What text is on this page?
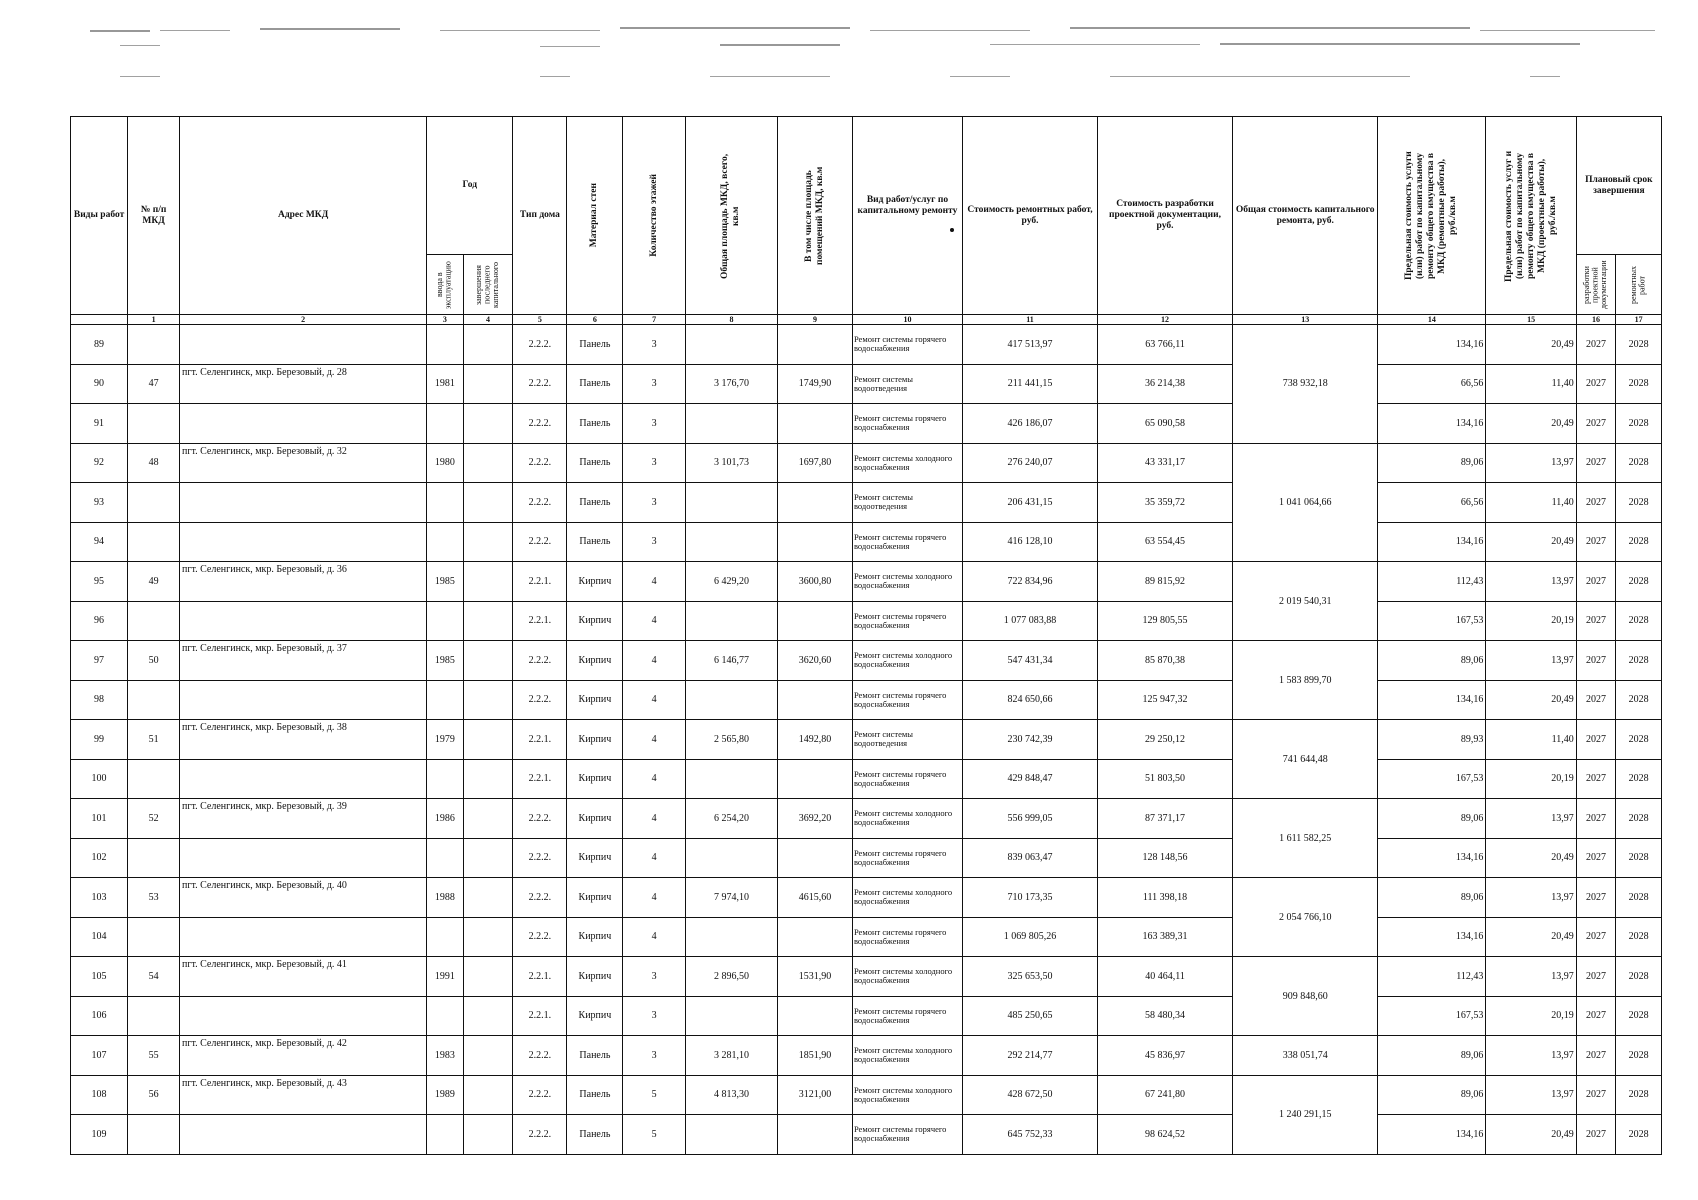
Виды работ	№ п/п МКД	Адрес МКД	Год		Тип дома	Материал стен	Количество этажей	Общая площадь МКД, всего, кв.м	В том числе площадь помещений МКД, кв.м	Вид работ/услуг по капитальному ремонту	Стоимость ремонтных работ, руб.	Стоимость разработки проектной документации, руб.	Общая стоимость капитального ремонта, руб.	Предельная стоимость услуги (или) работ по капитальному ремонту общего имущества в МКД (ремонтные работы), руб./кв.м	Предельная стоимость услуг и (или) работ по капитальному ремонту общего имущества в МКД (проектные работы), руб./кв.м	Плановый срок завершения	

			ввода в эксплуатацию	завершения последнего капитального												разработки проектной документации	ремонтных работ

	1	2	3	4	5	6	7	8	9	10	11	12	13	14	15	16	17
89					2.2.2.	Панель	3			Ремонт системы горячего водоснабжения	417 513,97	63 766,11	738 932,18	134,16	20,49	2027	2028
90	47	пгт. Селенгинск, мкр. Березовый, д. 28	1981		2.2.2.	Панель	3	3 176,70	1749,90	Ремонт системы водоотведения	211 441,15	36 214,38		66,56	11,40	2027	2028
91					2.2.2.	Панель	3			Ремонт системы горячего водоснабжения	426 186,07	65 090,58		134,16	20,49	2027	2028
92	48	пгт. Селенгинск, мкр. Березовый, д. 32	1980		2.2.2.	Панель	3	3 101,73	1697,80	Ремонт системы холодного водоснабжения	276 240,07	43 331,17	1 041 064,66	89,06	13,97	2027	2028
93					2.2.2.	Панель	3			Ремонт системы водоотведения	206 431,15	35 359,72		66,56	11,40	2027	2028
94					2.2.2.	Панель	3			Ремонт системы горячего водоснабжения	416 128,10	63 554,45		134,16	20,49	2027	2028
95	49	пгт. Селенгинск, мкр. Березовый, д. 36	1985		2.2.1.	Кирпич	4	6 429,20	3600,80	Ремонт системы холодного водоснабжения	722 834,96	89 815,92	2 019 540,31	112,43	13,97	2027	2028
96					2.2.1.	Кирпич	4			Ремонт системы горячего водоснабжения	1 077 083,88	129 805,55		167,53	20,19	2027	2028
97	50	пгт. Селенгинск, мкр. Березовый, д. 37	1985		2.2.2.	Кирпич	4	6 146,77	3620,60	Ремонт системы холодного водоснабжения	547 431,34	85 870,38	1 583 899,70	89,06	13,97	2027	2028
98					2.2.2.	Кирпич	4			Ремонт системы горячего водоснабжения	824 650,66	125 947,32		134,16	20,49	2027	2028
99	51	пгт. Селенгинск, мкр. Березовый, д. 38	1979		2.2.1.	Кирпич	4	2 565,80	1492,80	Ремонт системы водоотведения	230 742,39	29 250,12	741 644,48	89,93	11,40	2027	2028
100					2.2.1.	Кирпич	4			Ремонт системы горячего водоснабжения	429 848,47	51 803,50		167,53	20,19	2027	2028
101	52	пгт. Селенгинск, мкр. Березовый, д. 39	1986		2.2.2.	Кирпич	4	6 254,20	3692,20	Ремонт системы холодного водоснабжения	556 999,05	87 371,17	1 611 582,25	89,06	13,97	2027	2028
102					2.2.2.	Кирпич	4			Ремонт системы горячего водоснабжения	839 063,47	128 148,56		134,16	20,49	2027	2028
103	53	пгт. Селенгинск, мкр. Березовый, д. 40	1988		2.2.2.	Кирпич	4	7 974,10	4615,60	Ремонт системы холодного водоснабжения	710 173,35	111 398,18	2 054 766,10	89,06	13,97	2027	2028
104					2.2.2.	Кирпич	4			Ремонт системы горячего водоснабжения	1 069 805,26	163 389,31		134,16	20,49	2027	2028
105	54	пгт. Селенгинск, мкр. Березовый, д. 41	1991		2.2.1.	Кирпич	3	2 896,50	1531,90	Ремонт системы холодного водоснабжения	325 653,50	40 464,11	909 848,60	112,43	13,97	2027	2028
106					2.2.1.	Кирпич	3			Ремонт системы горячего водоснабжения	485 250,65	58 480,34		167,53	20,19	2027	2028
107	55	пгт. Селенгинск, мкр. Березовый, д. 42	1983		2.2.2.	Панель	3	3 281,10	1851,90	Ремонт системы холодного водоснабжения	292 214,77	45 836,97	338 051,74	89,06	13,97	2027	2028
108	56	пгт. Селенгинск, мкр. Березовый, д. 43	1989		2.2.2.	Панель	5	4 813,30	3121,00	Ремонт системы холодного водоснабжения	428 672,50	67 241,80	1 240 291,15	89,06	13,97	2027	2028
109					2.2.2.	Панель	5			Ремонт системы горячего водоснабжения	645 752,33	98 624,52		134,16	20,49	2027	2028
